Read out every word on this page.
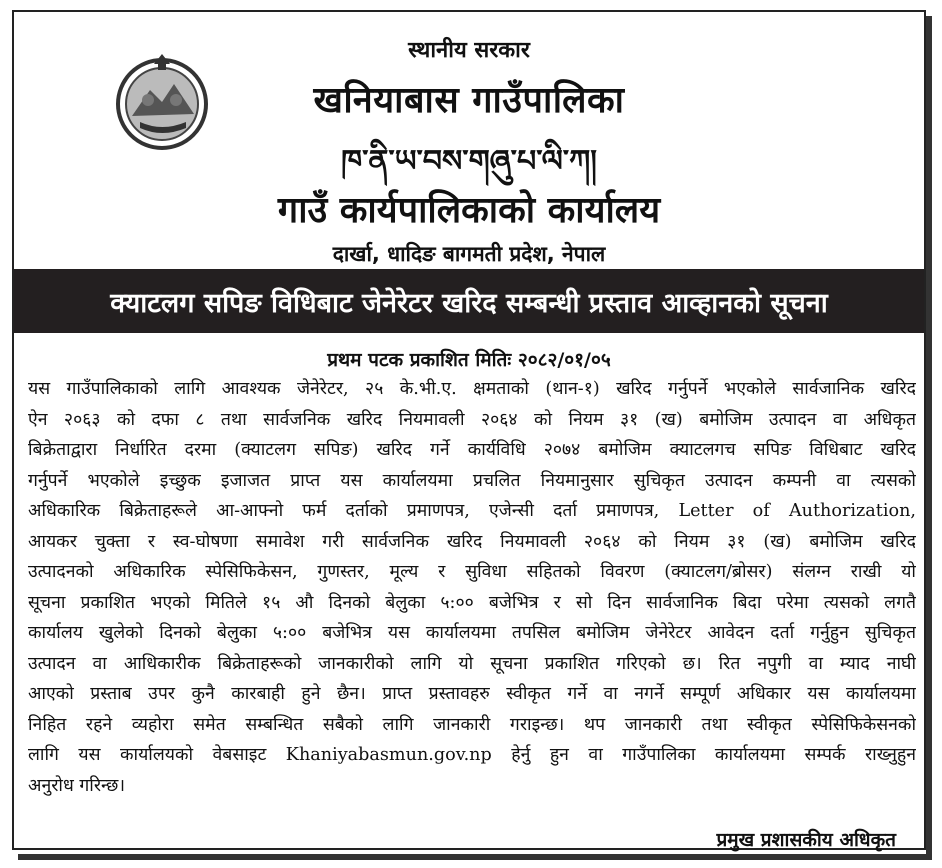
स्थानीय सरकार
खनियाबास गाउँपालिका
ཁ་ནི་ཡ་བས་གཞུ་པ་ལི་ཀ།
गाउँ कार्यपालिकाको कार्यालय
दार्खा, धादिङ बागमती प्रदेश, नेपाल
क्याटलग सपिङ विधिबाट जेनेरेटर खरिद सम्बन्धी प्रस्ताव आव्हानको सूचना
प्रथम पटक प्रकाशित मितिः २०८२/०१/०५
यस गाउँपालिकाको लागि आवश्यक जेनेरेटर, २५ के.भी.ए. क्षमताको (थान-१) खरिद गर्नुपर्ने भएकोले सार्वजानिक खरिद
ऐन २०६३ को दफा ८ तथा सार्वजनिक खरिद नियमावली २०६४ को नियम ३१ (ख) बमोजिम उत्पादन वा अधिकृत
बिक्रेताद्वारा निर्धारित दरमा (क्याटलग सपिङ) खरिद गर्ने कार्यविधि २०७४ बमोजिम क्याटलगच सपिङ विधिबाट खरिद
गर्नुपर्ने भएकोले इच्छुक इजाजत प्राप्त यस कार्यालयमा प्रचलित नियमानुसार सुचिकृत उत्पादन कम्पनी वा त्यसको
अधिकारिक बिक्रेताहरूले आ-आफ्नो फर्म दर्ताको प्रमाणपत्र, एजेन्सी दर्ता प्रमाणपत्र, Letter of Authorization,
आयकर चुक्ता र स्व-घोषणा समावेश गरी सार्वजनिक खरिद नियमावली २०६४ को नियम ३१ (ख) बमोजिम खरिद
उत्पादनको अधिकारिक स्पेसिफिकेसन, गुणस्तर, मूल्य र सुविधा सहितको विवरण (क्याटलग/ब्रोसर) संलग्न राखी यो
सूचना प्रकाशित भएको मितिले १५ औ दिनको बेलुका ५:०० बजेभित्र र सो दिन सार्वजानिक बिदा परेमा त्यसको लगतै
कार्यालय खुलेको दिनको बेलुका ५:०० बजेभित्र यस कार्यालयमा तपसिल बमोजिम जेनेरेटर आवेदन दर्ता गर्नुहुन सुचिकृत
उत्पादन वा आधिकारीक बिक्रेताहरूको जानकारीको लागि यो सूचना प्रकाशित गरिएको छ। रित नपुगी वा म्याद नाघी
आएको प्रस्ताब उपर कुनै कारबाही हुने छैन। प्राप्त प्रस्तावहरु स्वीकृत गर्ने वा नगर्ने सम्पूर्ण अधिकार यस कार्यालयमा
निहित रहने व्यहोरा समेत सम्बन्धित सबैको लागि जानकारी गराइन्छ। थप जानकारी तथा स्वीकृत स्पेसिफिकेसनको
लागि यस कार्यालयको वेबसाइट Khaniyabasmun.gov.np हेर्नु हुन वा गाउँपालिका कार्यालयमा सम्पर्क राख्नुहुन
अनुरोध गरिन्छ।
प्रमुख प्रशासकीय अधिकृत
